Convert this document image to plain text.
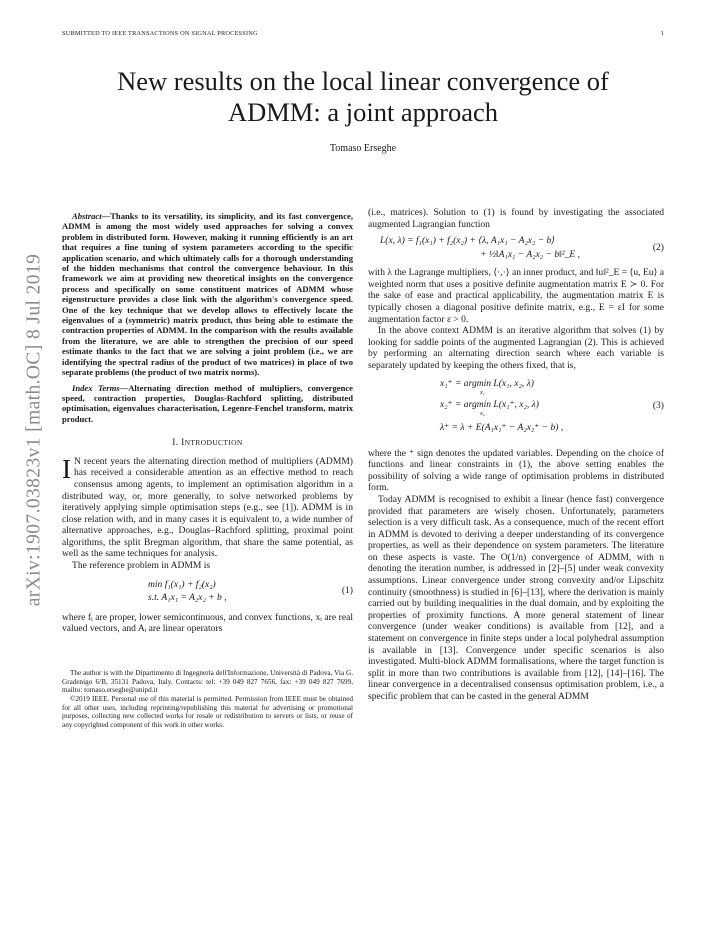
SUBMITTED TO IEEE TRANSACTIONS ON SIGNAL PROCESSING	1
arXiv:1907.03823v1 [math.OC] 8 Jul 2019
New results on the local linear convergence of
ADMM: a joint approach
Tomaso Erseghe

Abstract—Thanks to its versatility, its simplicity, and its fast convergence, ADMM is among the most widely used approaches for solving a convex problem in distributed form. However, making it running efficiently is an art that requires a fine tuning of system parameters according to the specific application scenario, and which ultimately calls for a thorough understanding of the hidden mechanisms that control the convergence behaviour. In this framework we aim at providing new theoretical insights on the convergence process and specifically on some constituent matrices of ADMM whose eigenstructure provides a close link with the algorithm's convergence speed. One of the key technique that we develop allows to effectively locate the eigenvalues of a (symmetric) matrix product, thus being able to estimate the contraction properties of ADMM. In the comparison with the results available from the literature, we are able to strengthen the precision of our speed estimate thanks to the fact that we are solving a joint problem (i.e., we are identifying the spectral radius of the product of two matrices) in place of two separate problems (the product of two matrix norms).

Index Terms—Alternating direction method of multipliers, convergence speed, contraction properties, Douglas-Rachford splitting, distributed optimisation, eigenvalues characterisation, Legenre-Fenchel transform, matrix product.

I. INTRODUCTION

I N recent years the alternating direction method of multipliers (ADMM) has received a considerable attention as an effective method to reach consensus among agents, to implement an optimisation algorithm in a distributed way, or, more generally, to solve networked problems by iteratively applying simple optimisation steps (e.g., see [1]). ADMM is in close relation with, and in many cases it is equivalent to, a wide number of alternative approaches, e.g., Douglas–Rachford splitting, proximal point algorithms, the split Bregman algorithm, that share the same potential, as well as the same techniques for analysis.

The reference problem in ADMM is

min f₁(x₁) + f₂(x₂)
s.t. A₁x₁ = A₂x₂ + b ,
(1)

where fᵢ are proper, lower semicontinuous, and convex functions, xᵢ are real valued vectors, and Aᵢ are linear operators

The author is with the Dipartimento di Ingegneria dell'Informazione, Università di Padova, Via G. Gradenigo 6/B, 35131 Padova, Italy. Contacts: tel: +39 049 827 7656, fax: +39 049 827 7699, mailto: tomaso.erseghe@unipd.it

©2019 IEEE. Personal use of this material is permitted. Permission from IEEE must be obtained for all other uses, including reprinting/republishing this material for advertising or promotional purposes, collecting new collected works for resale or redistribution to servers or lists, or reuse of any copyrighted component of this work in other works.

(i.e., matrices). Solution to (1) is found by investigating the associated augmented Lagrangian function

L(x, λ) = f₁(x₁) + f₂(x₂) + ⟨λ, A₁x₁ − A₂x₂ − b⟩
+ ½‖A₁x₁ − A₂x₂ − b‖²_E ,
(2)

with λ the Lagrange multipliers, ⟨·,·⟩ an inner product, and ‖u‖²_E = ⟨u, Eu⟩ a weighted norm that uses a positive definite augmentation matrix E ≻ 0. For the sake of ease and practical applicability, the augmentation matrix E is typically chosen a diagonal positive definite matrix, e.g., E = εI for some augmentation factor ε > 0.

In the above context ADMM is an iterative algorithm that solves (1) by looking for saddle points of the augmented Lagrangian (2). This is achieved by performing an alternating direction search where each variable is separately updated by keeping the others fixed, that is,

x₁⁺ = argmin L(x₁, x₂, λ)
x₁
x₂⁺ = argmin L(x₁⁺, x₂, λ)
x₂
λ⁺ = λ + E(A₁x₁⁺ − A₂x₂⁺ − b) ,
(3)

where the ⁺ sign denotes the updated variables. Depending on the choice of functions and linear constraints in (1), the above setting enables the possibility of solving a wide range of optimisation problems in distributed form.

Today ADMM is recognised to exhibit a linear (hence fast) convergence provided that parameters are wisely chosen. Unfortunately, parameters selection is a very difficult task. As a consequence, much of the recent effort in ADMM is devoted to deriving a deeper understanding of its convergence properties, as well as their dependence on system parameters. The literature on these aspects is vaste. The O(1/n) convergence of ADMM, with n denoting the iteration number, is addressed in [2]–[5] under weak convexity assumptions. Linear convergence under strong convexity and/or Lipschitz continuity (smoothness) is studied in [6]–[13], where the derivation is mainly carried out by building inequalities in the dual domain, and by exploiting the properties of proximity functions. A more general statement of linear convergence (under weaker conditions) is available from [12], and a statement on convergence in finite steps under a local polyhedral assumption is available in [13]. Convergence under specific scenarios is also investigated. Multi-block ADMM formalisations, where the target function is split in more than two contributions is available from [12], [14]–[16]. The linear convergence in a decentralised consensus optimisation problem, i.e., a specific problem that can be casted in the general ADMM
